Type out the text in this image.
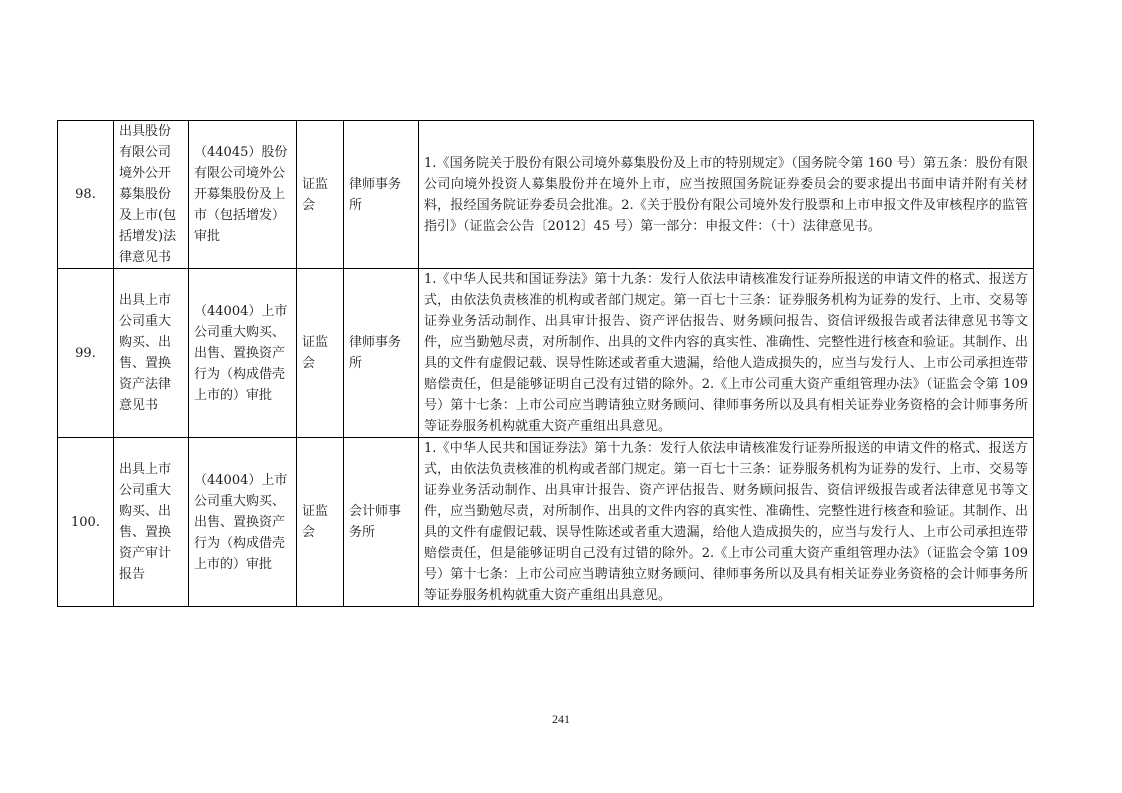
98.	出具股份有限公司境外公开募集股份及上市(包括增发)法律意见书	（44045）股份有限公司境外公开募集股份及上市（包括增发）审批	证监会	律师事务所	1.《国务院关于股份有限公司境外募集股份及上市的特别规定》（国务院令第 160 号）第五条：股份有限公司向境外投资人募集股份并在境外上市，应当按照国务院证券委员会的要求提出书面申请并附有关材料，报经国务院证券委员会批准。2.《关于股份有限公司境外发行股票和上市申报文件及审核程序的监管指引》（证监会公告〔2012〕45 号）第一部分：申报文件：（十）法律意见书。
99.	出具上市公司重大购买、出售、置换资产法律意见书	（44004）上市公司重大购买、出售、置换资产行为（构成借壳上市的）审批	证监会	律师事务所	1.《中华人民共和国证券法》第十九条：发行人依法申请核准发行证券所报送的申请文件的格式、报送方式，由依法负责核准的机构或者部门规定。第一百七十三条：证券服务机构为证券的发行、上市、交易等证券业务活动制作、出具审计报告、资产评估报告、财务顾问报告、资信评级报告或者法律意见书等文件，应当勤勉尽责，对所制作、出具的文件内容的真实性、准确性、完整性进行核查和验证。其制作、出具的文件有虚假记载、误导性陈述或者重大遗漏，给他人造成损失的，应当与发行人、上市公司承担连带赔偿责任，但是能够证明自己没有过错的除外。2.《上市公司重大资产重组管理办法》（证监会令第 109 号）第十七条：上市公司应当聘请独立财务顾问、律师事务所以及具有相关证券业务资格的会计师事务所等证券服务机构就重大资产重组出具意见。
100.	出具上市公司重大购买、出售、置换资产审计报告	（44004）上市公司重大购买、出售、置换资产行为（构成借壳上市的）审批	证监会	会计师事务所	1.《中华人民共和国证券法》第十九条：发行人依法申请核准发行证券所报送的申请文件的格式、报送方式，由依法负责核准的机构或者部门规定。第一百七十三条：证券服务机构为证券的发行、上市、交易等证券业务活动制作、出具审计报告、资产评估报告、财务顾问报告、资信评级报告或者法律意见书等文件，应当勤勉尽责，对所制作、出具的文件内容的真实性、准确性、完整性进行核查和验证。其制作、出具的文件有虚假记载、误导性陈述或者重大遗漏，给他人造成损失的，应当与发行人、上市公司承担连带赔偿责任，但是能够证明自己没有过错的除外。2.《上市公司重大资产重组管理办法》（证监会令第 109 号）第十七条：上市公司应当聘请独立财务顾问、律师事务所以及具有相关证券业务资格的会计师事务所等证券服务机构就重大资产重组出具意见。
241
